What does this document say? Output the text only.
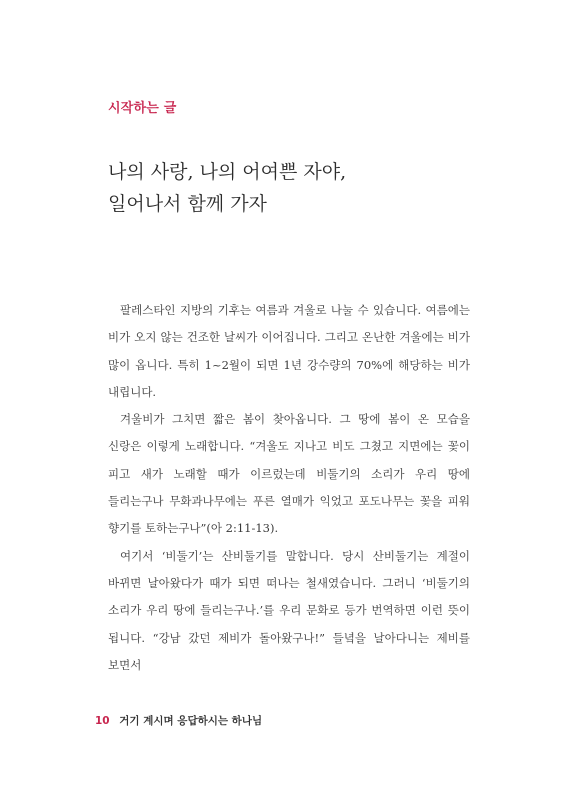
시작하는 글
나의 사랑, 나의 어여쁜 자야,
일어나서 함께 가자

팔레스타인 지방의 기후는 여름과 겨울로 나눌 수 있습니다. 여름에는 비가 오지 않는 건조한 날씨가 이어집니다. 그리고 온난한 겨울에는 비가 많이 옵니다. 특히 1~2월이 되면 1년 강수량의 70%에 해당하는 비가 내립니다.

겨울비가 그치면 짧은 봄이 찾아옵니다. 그 땅에 봄이 온 모습을 신랑은 이렇게 노래합니다. “겨울도 지나고 비도 그쳤고 지면에는 꽃이 피고 새가 노래할 때가 이르렀는데 비둘기의 소리가 우리 땅에 들리는구나 무화과나무에는 푸른 열매가 익었고 포도나무는 꽃을 피워 향기를 토하는구나”(아 2:11-13).

여기서 ‘비둘기’는 산비둘기를 말합니다. 당시 산비둘기는 계절이 바뀌면 날아왔다가 때가 되면 떠나는 철새였습니다. 그러니 ‘비둘기의 소리가 우리 땅에 들리는구나.’를 우리 문화로 등가 번역하면 이런 뜻이 됩니다. “강남 갔던 제비가 돌아왔구나!” 들녘을 날아다니는 제비를 보면서

10 거기 계시며 응답하시는 하나님
